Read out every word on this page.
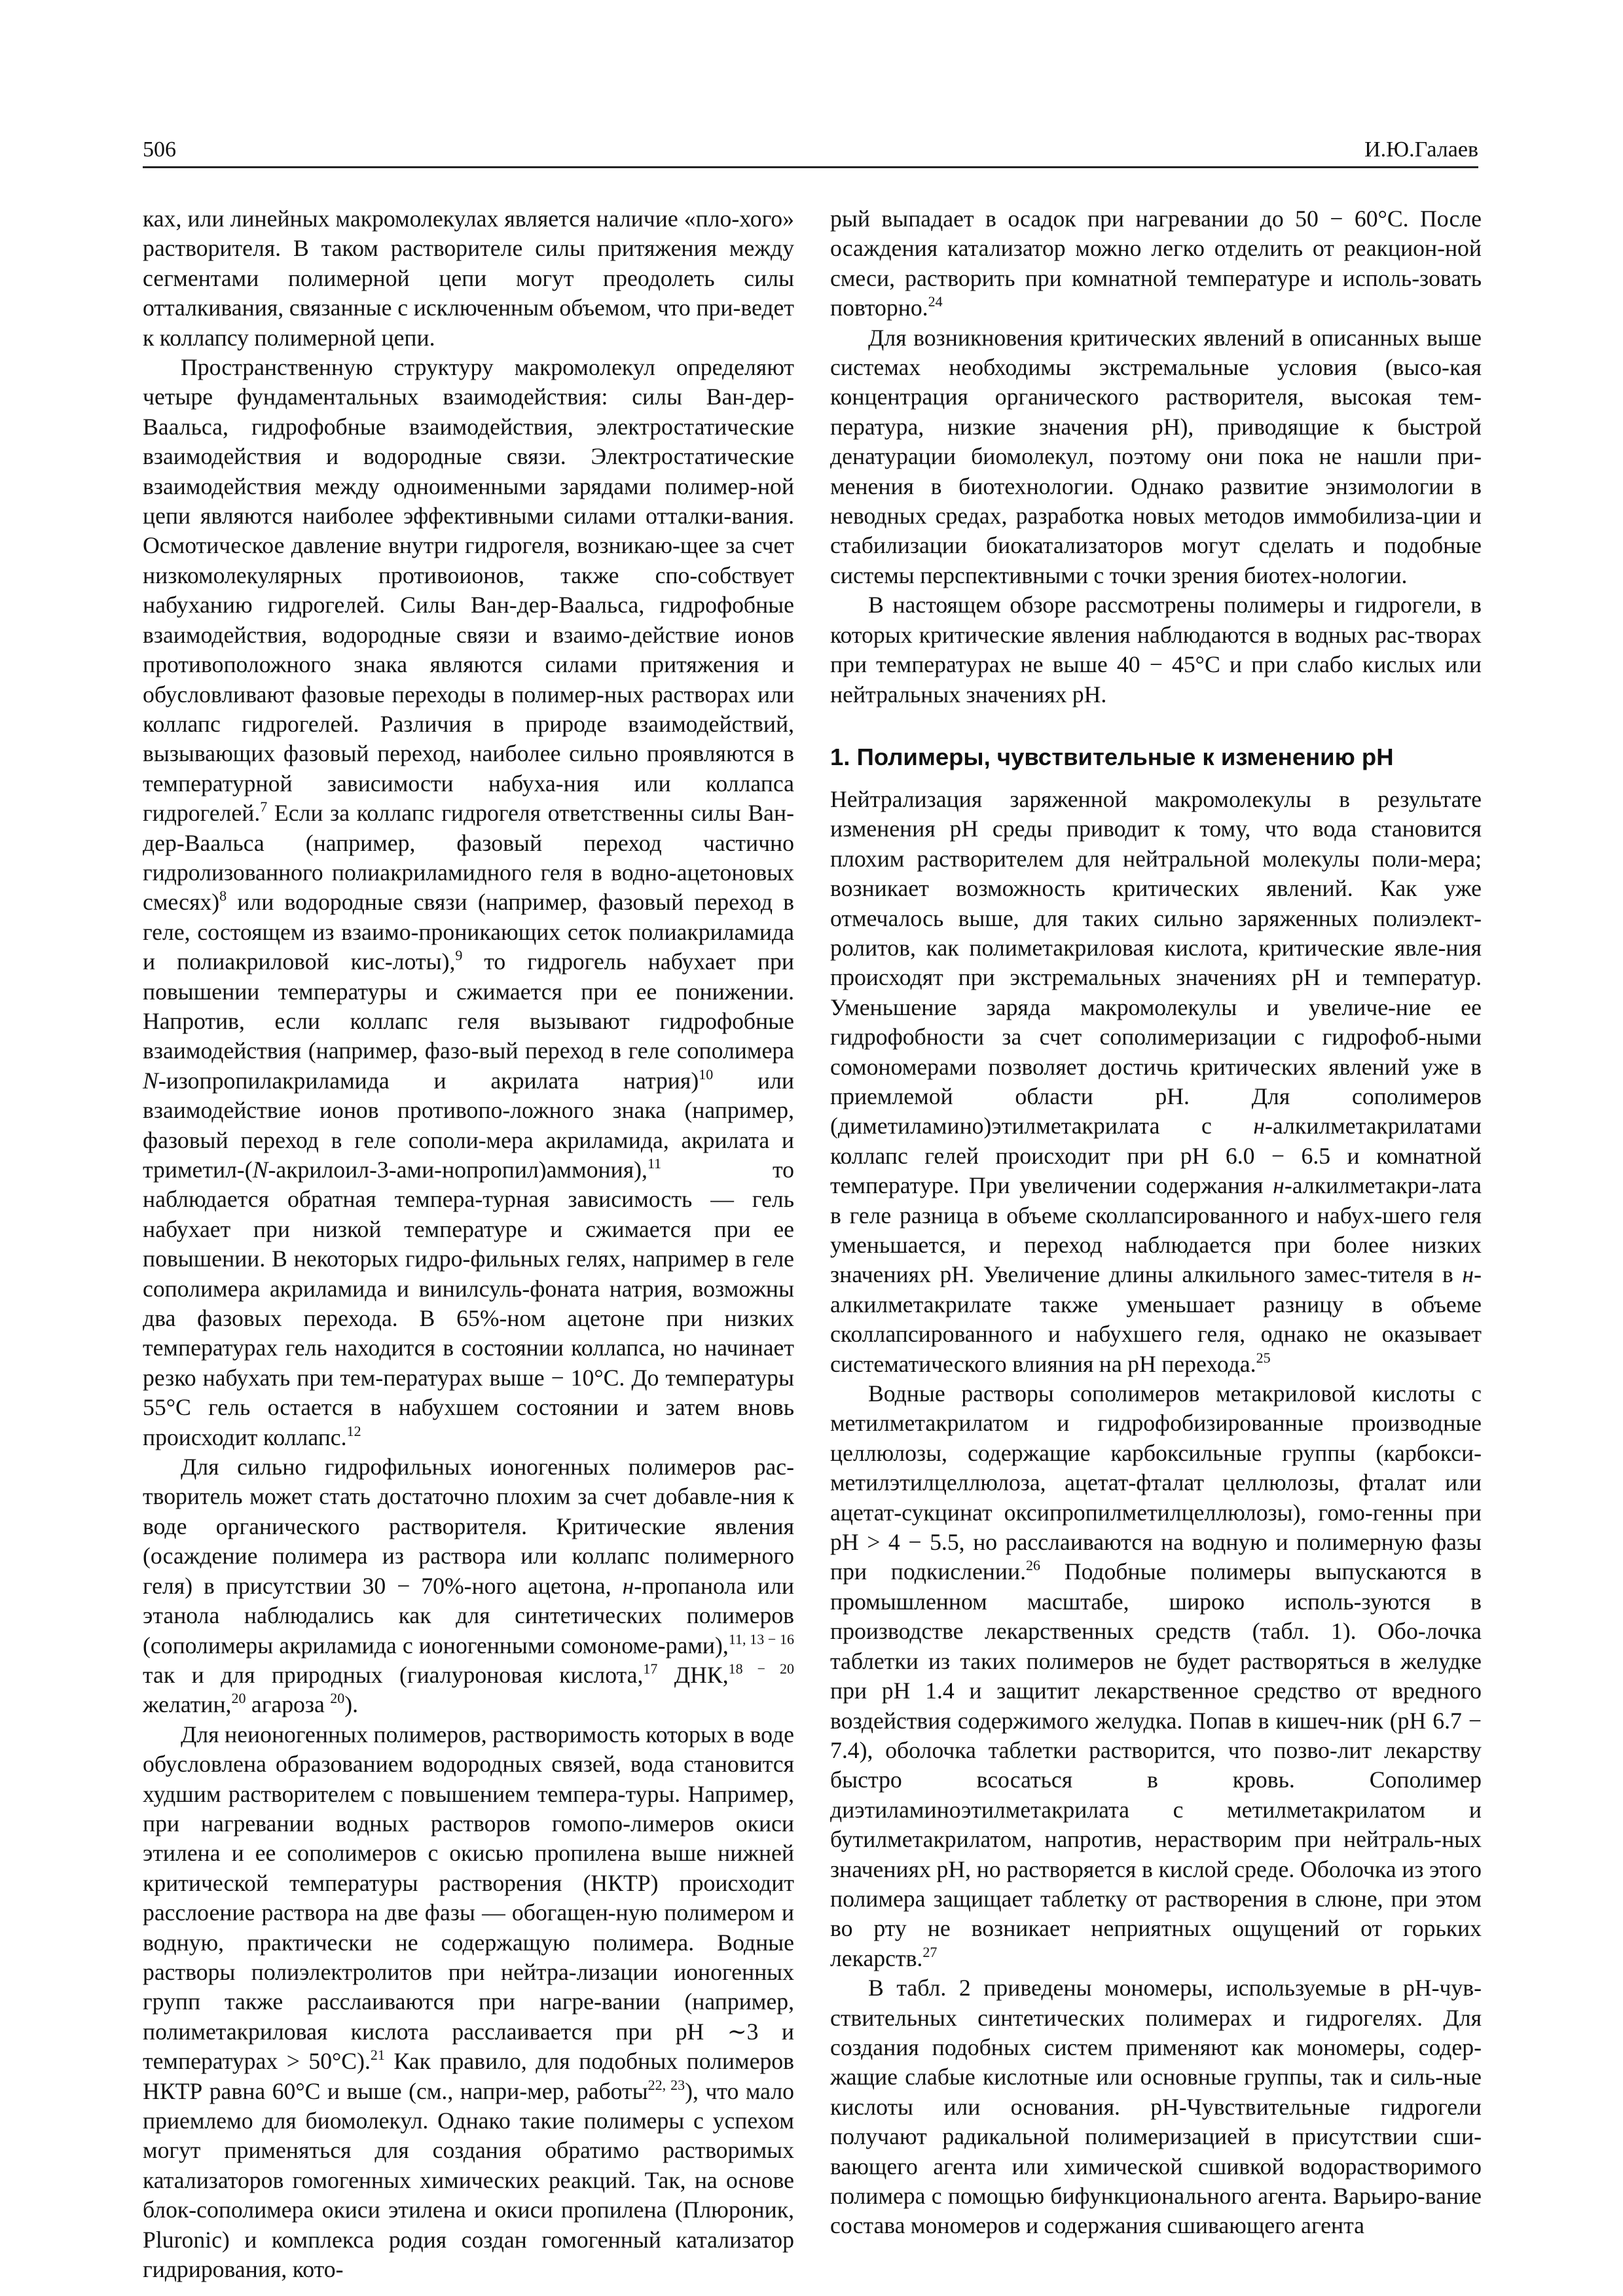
506	И.Ю.Галаев

ках, или линейных макромолекулах является наличие «пло-хого» растворителя. В таком растворителе силы притяжения между сегментами полимерной цепи могут преодолеть силы отталкивания, связанные с исключенным объемом, что при-ведет к коллапсу полимерной цепи.

Пространственную структуру макромолекул определяют четыре фундаментальных взаимодействия: силы Ван-дер-Ваальса, гидрофобные взаимодействия, электростатические взаимодействия и водородные связи. Электростатические взаимодействия между одноименными зарядами полимер-ной цепи являются наиболее эффективными силами отталки-вания. Осмотическое давление внутри гидрогеля, возникаю-щее за счет низкомолекулярных противоионов, также спо-собствует набуханию гидрогелей. Силы Ван-дер-Ваальса, гидрофобные взаимодействия, водородные связи и взаимо-действие ионов противоположного знака являются силами притяжения и обусловливают фазовые переходы в полимер-ных растворах или коллапс гидрогелей. Различия в природе взаимодействий, вызывающих фазовый переход, наиболее сильно проявляются в температурной зависимости набуха-ния или коллапса гидрогелей.$^7$ Если за коллапс гидрогеля ответственны силы Ван-дер-Ваальса (например, фазовый переход частично гидролизованного полиакриламидного геля в водно-ацетоновых смесях)$^8$ или водородные связи (например, фазовый переход в геле, состоящем из взаимо-проникающих сеток полиакриламида и полиакриловой кис-лоты),$^9$ то гидрогель набухает при повышении температуры и сжимается при ее понижении. Напротив, если коллапс геля вызывают гидрофобные взаимодействия (например, фазо-вый переход в геле сополимера N-изопропилакриламида и акрилата натрия)$^{10}$ или взаимодействие ионов противопо-ложного знака (например, фазовый переход в геле сополи-мера акриламида, акрилата и триметил-(N-акрилоил-3-ами-нопропил)аммония),$^{11}$ то наблюдается обратная темпера-турная зависимость — гель набухает при низкой температуре и сжимается при ее повышении. В некоторых гидро-фильных гелях, например в геле сополимера акриламида и винилсуль-фоната натрия, возможны два фазовых перехода. В 65%-ном ацетоне при низких температурах гель находится в состоянии коллапса, но начинает резко набухать при тем-пературах выше − 10°C. До температуры 55°C гель остается в набухшем состоянии и затем вновь происходит коллапс.$^{12}$

Для сильно гидрофильных ионогенных полимеров рас-творитель может стать достаточно плохим за счет добавле-ния к воде органического растворителя. Критические явления (осаждение полимера из раствора или коллапс полимерного геля) в присутствии 30 − 70%-ного ацетона, н-пропанола или этанола наблюдались как для синтетических полимеров (сополимеры акриламида с ионогенными сомономе-рами),$^{11, 13 - 16}$ так и для природных (гиалуроновая кислота,$^{17}$ ДНК,$^{18 - 20}$ желатин,$^{20}$ агароза $^{20}$).

Для неионогенных полимеров, растворимость которых в воде обусловлена образованием водородных связей, вода становится худшим растворителем с повышением темпера-туры. Например, при нагревании водных растворов гомопо-лимеров окиси этилена и ее сополимеров с окисью пропилена выше нижней критической температуры растворения (НКТР) происходит расслоение раствора на две фазы — обогащен-ную полимером и водную, практически не содержащую полимера. Водные растворы полиэлектролитов при нейтра-лизации ионогенных групп также расслаиваются при нагре-вании (например, полиметакриловая кислота расслаивается при pH ∼3 и температурах > 50°C).$^{21}$ Как правило, для подобных полимеров НКТР равна 60°C и выше (см., напри-мер, работы$^{22, 23}$), что мало приемлемо для биомолекул. Однако такие полимеры с успехом могут применяться для создания обратимо растворимых катализаторов гомогенных химических реакций. Так, на основе блок-сополимера окиси этилена и окиси пропилена (Плюроник, Pluronic) и комплекса родия создан гомогенный катализатор гидрирования, кото-

рый выпадает в осадок при нагревании до 50 − 60°C. После осаждения катализатор можно легко отделить от реакцион-ной смеси, растворить при комнатной температуре и исполь-зовать повторно.$^{24}$

Для возникновения критических явлений в описанных выше системах необходимы экстремальные условия (высо-кая концентрация органического растворителя, высокая тем-пература, низкие значения pH), приводящие к быстрой денатурации биомолекул, поэтому они пока не нашли при-менения в биотехнологии. Однако развитие энзимологии в неводных средах, разработка новых методов иммобилиза-ции и стабилизации биокатализаторов могут сделать и подобные системы перспективными с точки зрения биотех-нологии.

В настоящем обзоре рассмотрены полимеры и гидрогели, в которых критические явления наблюдаются в водных рас-творах при температурах не выше 40 − 45°C и при слабо кислых или нейтральных значениях pH.

1. Полимеры, чувствительные к изменению pH

Нейтрализация заряженной макромолекулы в результате изменения pH среды приводит к тому, что вода становится плохим растворителем для нейтральной молекулы поли-мера; возникает возможность критических явлений. Как уже отмечалось выше, для таких сильно заряженных полиэлект-ролитов, как полиметакриловая кислота, критические явле-ния происходят при экстремальных значениях pH и температур. Уменьшение заряда макромолекулы и увеличе-ние ее гидрофобности за счет сополимеризации с гидрофоб-ными сомономерами позволяет достичь критических явлений уже в приемлемой области pH. Для сополимеров (диметиламино)этилметакрилата с н-алкилметакрилатами коллапс гелей происходит при pH 6.0 − 6.5 и комнатной температуре. При увеличении содержания н-алкилметакри-лата в геле разница в объеме сколлапсированного и набух-шего геля уменьшается, и переход наблюдается при более низких значениях pH. Увеличение длины алкильного замес-тителя в н-алкилметакрилате также уменьшает разницу в объеме сколлапсированного и набухшего геля, однако не оказывает систематического влияния на pH перехода.$^{25}$

Водные растворы сополимеров метакриловой кислоты с метилметакрилатом и гидрофобизированные производные целлюлозы, содержащие карбоксильные группы (карбокси-метилэтилцеллюлоза, ацетат-фталат целлюлозы, фталат или ацетат-сукцинат оксипропилметилцеллюлозы), гомо-генны при pH > 4 − 5.5, но расслаиваются на водную и полимерную фазы при подкислении.$^{26}$ Подобные полимеры выпускаются в промышленном масштабе, широко исполь-зуются в производстве лекарственных средств (табл. 1). Обо-лочка таблетки из таких полимеров не будет растворяться в желудке при pH 1.4 и защитит лекарственное средство от вредного воздействия содержимого желудка. Попав в кишеч-ник (pH 6.7 − 7.4), оболочка таблетки растворится, что позво-лит лекарству быстро всосаться в кровь. Сополимер диэтиламиноэтилметакрилата с метилметакрилатом и бутилметакрилатом, напротив, нерастворим при нейтраль-ных значениях pH, но растворяется в кислой среде. Оболочка из этого полимера защищает таблетку от растворения в слюне, при этом во рту не возникает неприятных ощущений от горьких лекарств.$^{27}$

В табл. 2 приведены мономеры, используемые в pH-чув-ствительных синтетических полимерах и гидрогелях. Для создания подобных систем применяют как мономеры, содер-жащие слабые кислотные или основные группы, так и силь-ные кислоты или основания. pH-Чувствительные гидрогели получают радикальной полимеризацией в присутствии сши-вающего агента или химической сшивкой водорастворимого полимера с помощью бифункционального агента. Варьиро-вание состава мономеров и содержания сшивающего агента
